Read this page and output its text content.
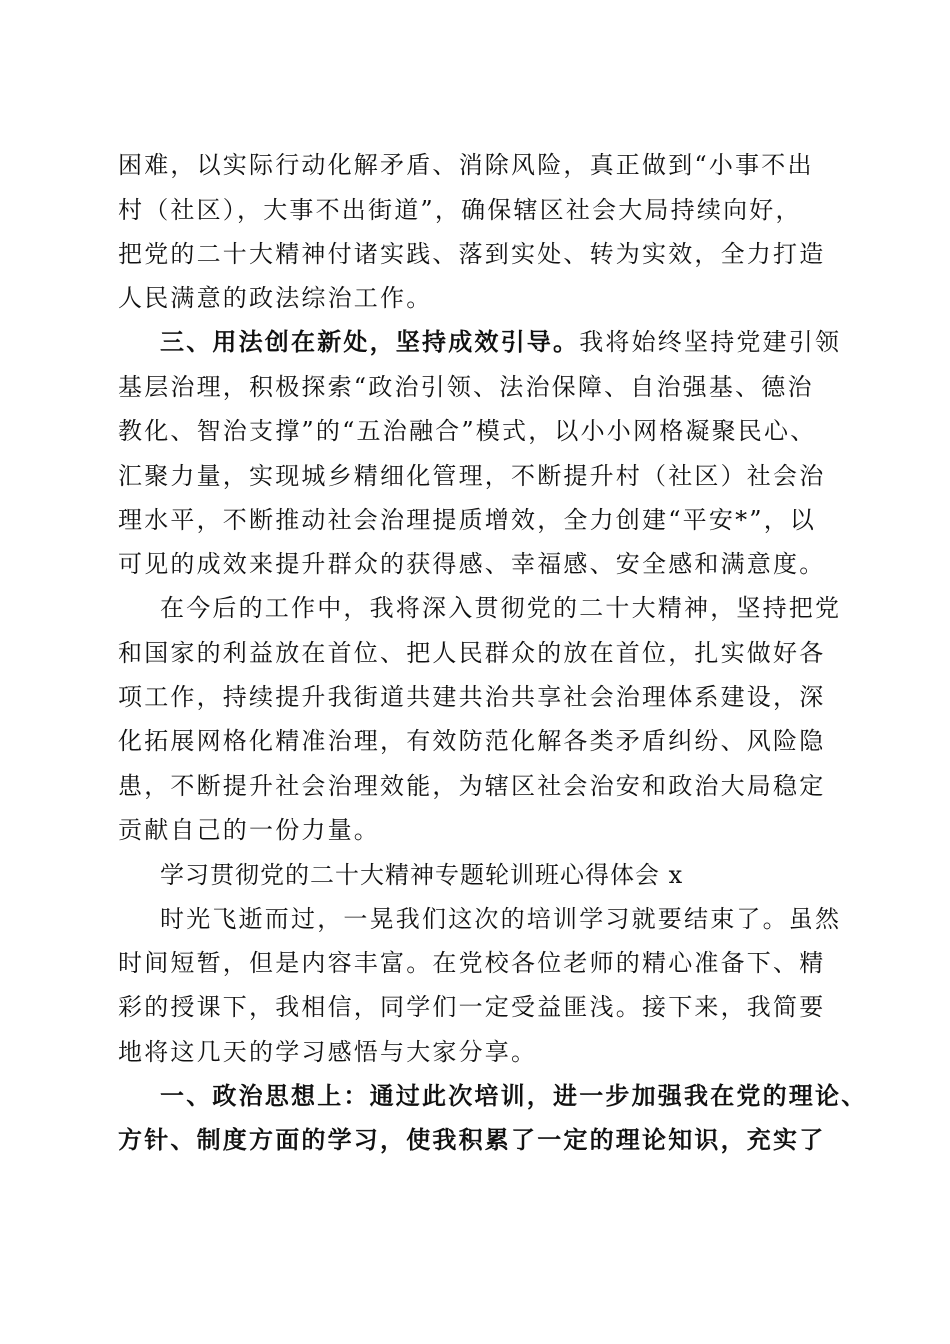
困难，以实际行动化解矛盾、消除风险，真正做到“小事不出
村（社区），大事不出街道”，确保辖区社会大局持续向好，
把党的二十大精神付诸实践、落到实处、转为实效，全力打造
人民满意的政法综治工作。
三、用法创在新处，坚持成效引导。我将始终坚持党建引领
基层治理，积极探索“政治引领、法治保障、自治强基、德治
教化、智治支撑”的“五治融合”模式，以小小网格凝聚民心、
汇聚力量，实现城乡精细化管理，不断提升村（社区）社会治
理水平，不断推动社会治理提质增效，全力创建“平安*”，以
可见的成效来提升群众的获得感、幸福感、安全感和满意度。
在今后的工作中，我将深入贯彻党的二十大精神，坚持把党
和国家的利益放在首位、把人民群众的放在首位，扎实做好各
项工作，持续提升我街道共建共治共享社会治理体系建设，深
化拓展网格化精准治理，有效防范化解各类矛盾纠纷、风险隐
患，不断提升社会治理效能，为辖区社会治安和政治大局稳定
贡献自己的一份力量。
学习贯彻党的二十大精神专题轮训班心得体会 x
时光飞逝而过，一晃我们这次的培训学习就要结束了。虽然
时间短暂，但是内容丰富。在党校各位老师的精心准备下、精
彩的授课下，我相信，同学们一定受益匪浅。接下来，我简要
地将这几天的学习感悟与大家分享。
一、政治思想上：通过此次培训，进一步加强我在党的理论、
方针、制度方面的学习，使我积累了一定的理论知识，充实了
